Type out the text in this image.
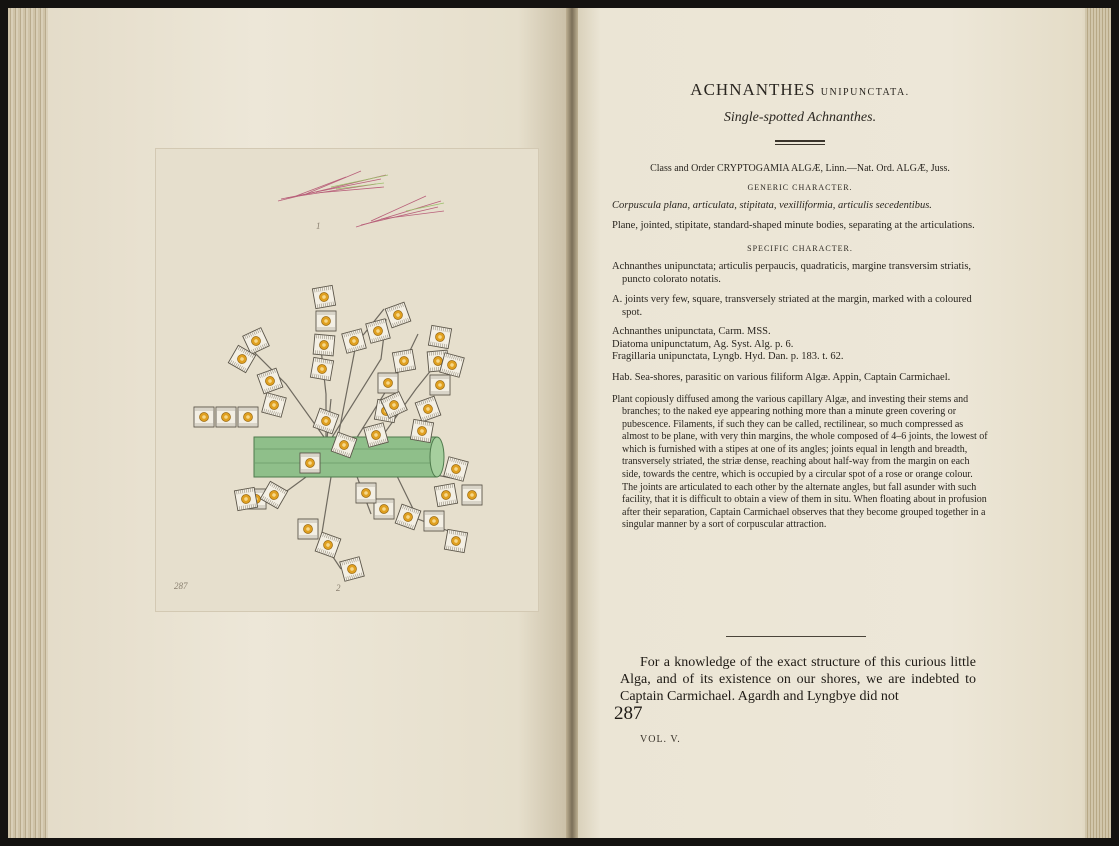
287
1
2
ACHNANTHES UNIPUNCTATA.
Single-spotted Achnanthes.
Class and Order CRYPTOGAMIA ALGÆ, Linn.—Nat. Ord. ALGÆ, Juss.
GENERIC CHARACTER.
Corpuscula plana, articulata, stipitata, vexilliformia, articulis secedentibus.
Plane, jointed, stipitate, standard-shaped minute bodies, separating at the articulations.
SPECIFIC CHARACTER.
Achnanthes unipunctata; articulis perpaucis, quadraticis, margine transversim striatis, puncto colorato notatis.
A. joints very few, square, transversely striated at the margin, marked with a coloured spot.
Achnanthes unipunctata, Carm. MSS.
Diatoma unipunctatum, Ag. Syst. Alg. p. 6.
Fragillaria unipunctata, Lyngb. Hyd. Dan. p. 183. t. 62.
Hab. Sea-shores, parasitic on various filiform Algæ. Appin, Captain Carmichael.
Plant copiously diffused among the various capillary Algæ, and investing their stems and branches; to the naked eye appearing nothing more than a minute green covering or pubescence. Filaments, if such they can be called, rectilinear, so much compressed as almost to be plane, with very thin margins, the whole composed of 4–6 joints, the lowest of which is furnished with a stipes at one of its angles; joints equal in length and breadth, transversely striated, the striæ dense, reaching about half-way from the margin on each side, towards the centre, which is occupied by a circular spot of a rose or orange colour. The joints are articulated to each other by the alternate angles, but fall asunder with such facility, that it is difficult to obtain a view of them in situ. When floating about in profusion after their separation, Captain Carmichael observes that they become grouped together in a singular manner by a sort of corpuscular attraction.
For a knowledge of the exact structure of this curious little Alga, and of its existence on our shores, we are indebted to Captain Carmichael. Agardh and Lyngbye did not
287
VOL. V.
